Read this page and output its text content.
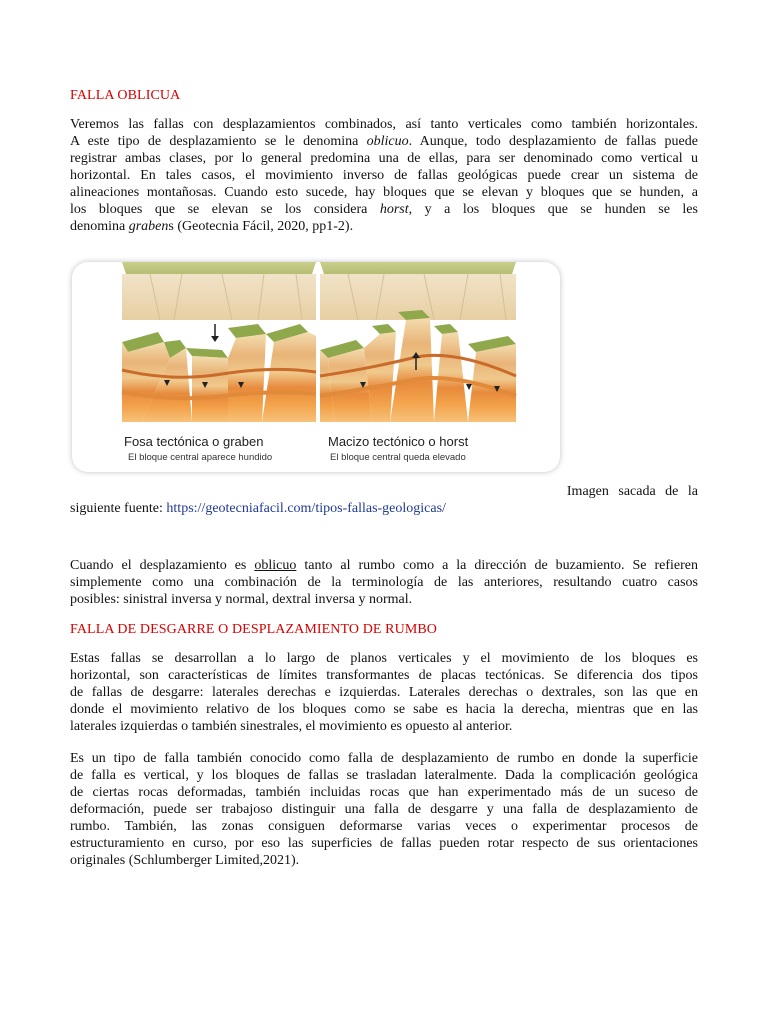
FALLA OBLICUA
Veremos las fallas con desplazamientos combinados, así tanto verticales como también horizontales.
A este tipo de desplazamiento se le denomina oblicuo. Aunque, todo desplazamiento de fallas puede
registrar ambas clases, por lo general predomina una de ellas, para ser denominado como vertical u
horizontal. En tales casos, el movimiento inverso de fallas geológicas puede crear un sistema de
alineaciones montañosas. Cuando esto sucede, hay bloques que se elevan y bloques que se hunden, a
los bloques que se elevan se los considera horst, y a los bloques que se hunden se les
denomina grabens (Geotecnia Fácil, 2020, pp1-2).
Fosa tectónica o graben
El bloque central aparece hundido
Macizo tectónico o horst
El bloque central queda elevado
Imagen sacada de la
siguiente fuente: https://geotecniafacil.com/tipos-fallas-geologicas/
Cuando el desplazamiento es oblicuo tanto al rumbo como a la dirección de buzamiento. Se refieren
simplemente como una combinación de la terminología de las anteriores, resultando cuatro casos
posibles: sinistral inversa y normal, dextral inversa y normal.
FALLA DE DESGARRE O DESPLAZAMIENTO DE RUMBO
Estas fallas se desarrollan a lo largo de planos verticales y el movimiento de los bloques es
horizontal, son características de límites transformantes de placas tectónicas. Se diferencia dos tipos
de fallas de desgarre: laterales derechas e izquierdas. Laterales derechas o dextrales, son las que en
donde el movimiento relativo de los bloques como se sabe es hacia la derecha, mientras que en las
laterales izquierdas o también sinestrales, el movimiento es opuesto al anterior.
Es un tipo de falla también conocido como falla de desplazamiento de rumbo en donde la superficie
de falla es vertical, y los bloques de fallas se trasladan lateralmente. Dada la complicación geológica
de ciertas rocas deformadas, también incluidas rocas que han experimentado más de un suceso de
deformación, puede ser trabajoso distinguir una falla de desgarre y una falla de desplazamiento de
rumbo. También, las zonas consiguen deformarse varias veces o experimentar procesos de
estructuramiento en curso, por eso las superficies de fallas pueden rotar respecto de sus orientaciones
originales (Schlumberger Limited,2021).
